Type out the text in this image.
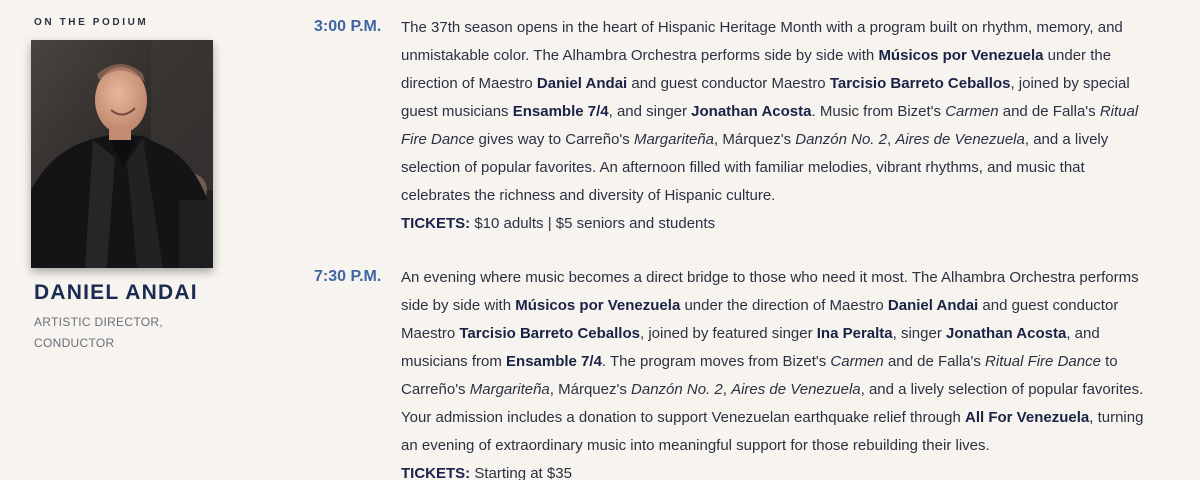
ON THE PODIUM
DANIEL ANDAI
ARTISTIC DIRECTOR, CONDUCTOR
3:00 P.M. The 37th season opens in the heart of Hispanic Heritage Month with a program built on rhythm, memory, and unmistakable color. The Alhambra Orchestra performs side by side with Músicos por Venezuela under the direction of Maestro Daniel Andai and guest conductor Maestro Tarcisio Barreto Ceballos, joined by special guest musicians Ensamble 7/4, and singer Jonathan Acosta. Music from Bizet's Carmen and de Falla's Ritual Fire Dance gives way to Carreño's Margariteña, Márquez's Danzón No. 2, Aires de Venezuela, and a lively selection of popular favorites. An afternoon filled with familiar melodies, vibrant rhythms, and music that celebrates the richness and diversity of Hispanic culture.
TICKETS: $10 adults | $5 seniors and students
7:30 P.M. An evening where music becomes a direct bridge to those who need it most. The Alhambra Orchestra performs side by side with Músicos por Venezuela under the direction of Maestro Daniel Andai and guest conductor Maestro Tarcisio Barreto Ceballos, joined by featured singer Ina Peralta, singer Jonathan Acosta, and musicians from Ensamble 7/4. The program moves from Bizet's Carmen and de Falla's Ritual Fire Dance to Carreño's Margariteña, Márquez's Danzón No. 2, Aires de Venezuela, and a lively selection of popular favorites. Your admission includes a donation to support Venezuelan earthquake relief through All For Venezuela, turning an evening of extraordinary music into meaningful support for those rebuilding their lives.
TICKETS: Starting at $35
